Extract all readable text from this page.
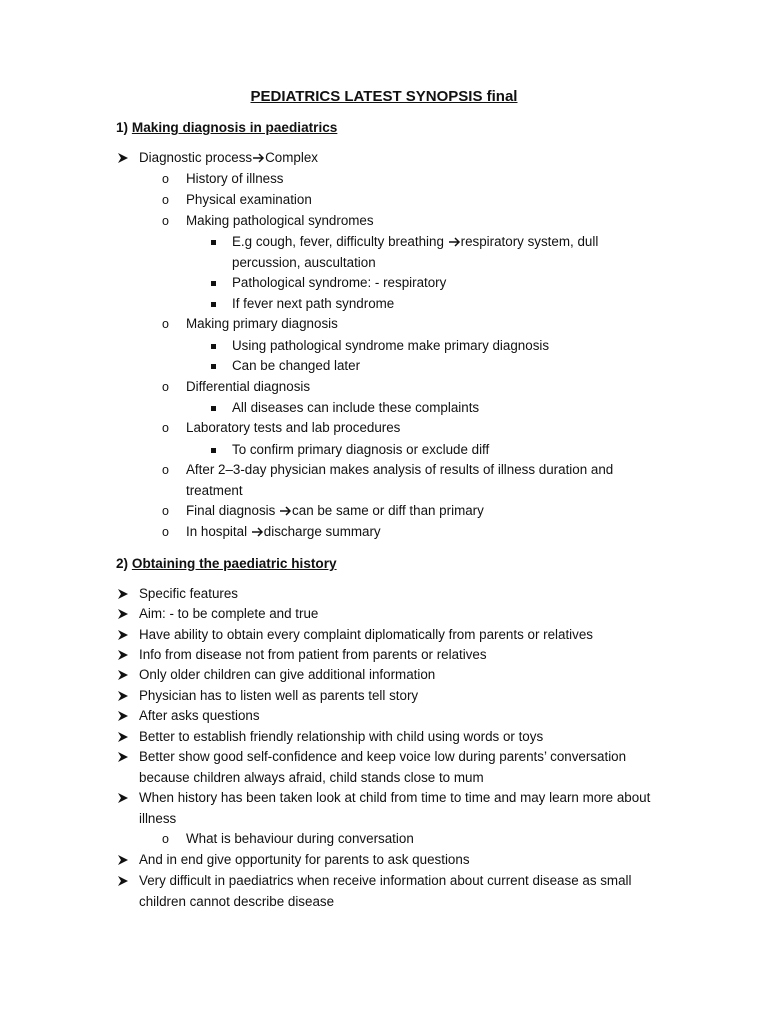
PEDIATRICS LATEST SYNOPSIS final
1) Making diagnosis in paediatrics
Diagnostic process Complex
o History of illness
o Physical examination
o Making pathological syndromes
E.g cough, fever, difficulty breathing
respiratory system, dull
percussion, auscultation
Pathological syndrome: - respiratory
If fever next path syndrome
o Making primary diagnosis
Using pathological syndrome make primary diagnosis
Can be changed later
o Differential diagnosis
All diseases can include these complaints
o Laboratory tests and lab procedures
To confirm primary diagnosis or exclude diff
o After 2–3-day physician makes analysis of results of illness duration and treatment
o Final diagnosis
can be same or diff than primary
o In hospital
discharge summary
2) Obtaining the paediatric history
Specific features
Aim: - to be complete and true
Have ability to obtain every complaint diplomatically from parents or relatives
Info from disease not from patient from parents or relatives
Only older children can give additional information
Physician has to listen well as parents tell story
After asks questions
Better to establish friendly relationship with child using words or toys
Better show good self-confidence and keep voice low during parents’ conversation because children always afraid, child stands close to mum
When history has been taken look at child from time to time and may learn more about illness
And in end give opportunity for parents to ask questions
Very difficult in paediatrics when receive information about current disease as small children cannot describe disease
o What is behaviour during conversation
